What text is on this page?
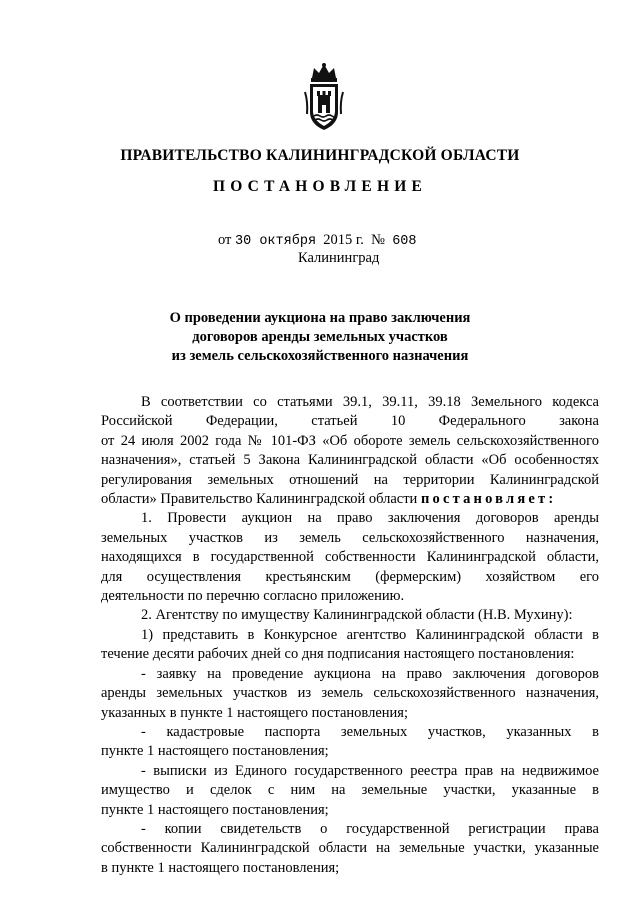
ПРАВИТЕЛЬСТВО КАЛИНИНГРАДСКОЙ ОБЛАСТИ
ПОСТАНОВЛЕНИЕ
от 30 октября 2015 г. № 608
Калининград
О проведении аукциона на право заключения
договоров аренды земельных участков
из земель сельскохозяйственного назначения
В соответствии со статьями 39.1, 39.11, 39.18 Земельного кодекса
Российской Федерации, статьей 10 Федерального закона
от 24 июля 2002 года № 101-ФЗ «Об обороте земель сельскохозяйственного
назначения», статьей 5 Закона Калининградской области «Об особенностях
регулирования земельных отношений на территории Калининградской
области» Правительство Калининградской области постановляет:
1. Провести аукцион на право заключения договоров аренды
земельных участков из земель сельскохозяйственного назначения,
находящихся в государственной собственности Калининградской области,
для осуществления крестьянским (фермерским) хозяйством его
деятельности по перечню согласно приложению.
2. Агентству по имуществу Калининградской области (Н.В. Мухину):
1) представить в Конкурсное агентство Калининградской области в
течение десяти рабочих дней со дня подписания настоящего постановления:
- заявку на проведение аукциона на право заключения договоров
аренды земельных участков из земель сельскохозяйственного назначения,
указанных в пункте 1 настоящего постановления;
- кадастровые паспорта земельных участков, указанных в
пункте 1 настоящего постановления;
- выписки из Единого государственного реестра прав на недвижимое
имущество и сделок с ним на земельные участки, указанные в
пункте 1 настоящего постановления;
- копии свидетельств о государственной регистрации права
собственности Калининградской области на земельные участки, указанные
в пункте 1 настоящего постановления;
